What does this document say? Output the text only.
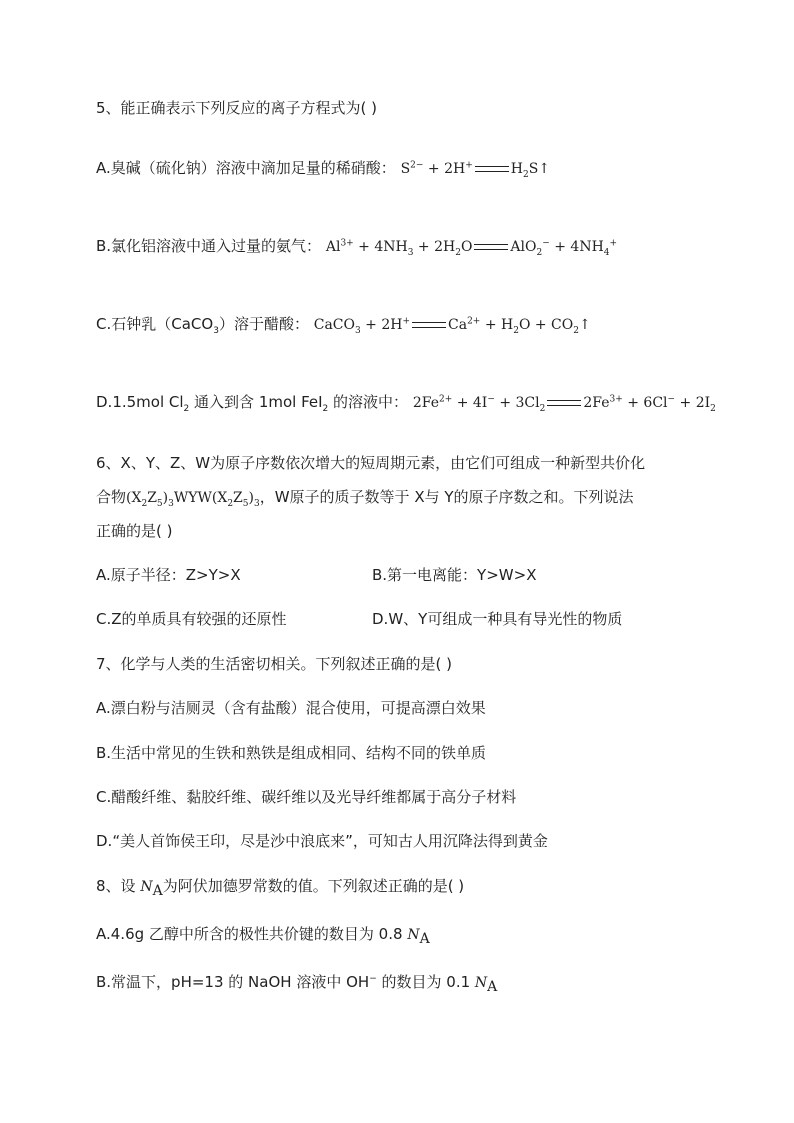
5、能正确表示下列反应的离子方程式为( )
A.臭碱（硫化钠）溶液中滴加足量的稀硝酸： $S^{2-} + 2H^+$	$H_2S↑$
B.氯化铝溶液中通入过量的氨气： $Al^{3+} + 4NH_3 + 2H_2O$	$AlO_2^- + 4NH_4^+$
C.石钟乳（CaCO$_3$）溶于醋酸： CaCO$_3$ + 2H+	$Ca^{2+} + H_2O$ + $CO_2↑$
D.1.5mol $Cl_2$ 通入到含 1mol FeI$_2$ 的溶液中： $2Fe^{2+} + 4I^- + 3Cl_2$	$2Fe^{3+} + 6Cl^- + 2I_2$
6、X、Y、Z、W为原子序数依次增大的短周期元素，由它们可组成一种新型共价化
合物$(X_2Z_5)_3WYW(X_2Z_5)_3$，W原子的质子数等于 X与 Y的原子序数之和。下列说法
正确的是( )
A.原子半径：Z>Y>X	B.第一电离能：Y>W>X
C.Z的单质具有较强的还原性	D.W、Y可组成一种具有导光性的物质
7、化学与人类的生活密切相关。下列叙述正确的是( )
A.漂白粉与洁厕灵（含有盐酸）混合使用，可提高漂白效果
B.生活中常见的生铁和熟铁是组成相同、结构不同的铁单质
C.醋酸纤维、黏胶纤维、碳纤维以及光导纤维都属于高分子材料
D.“美人首饰侯王印，尽是沙中浪底来”，可知古人用沉降法得到黄金
8、设 $N_A$为阿伏加德罗常数的值。下列叙述正确的是( )
A.4.6g 乙醇中所含的极性共价键的数目为 0.8 $N_A$
B.常温下，pH=13 的 NaOH 溶液中 OH− 的数目为 0.1 $N_A$
